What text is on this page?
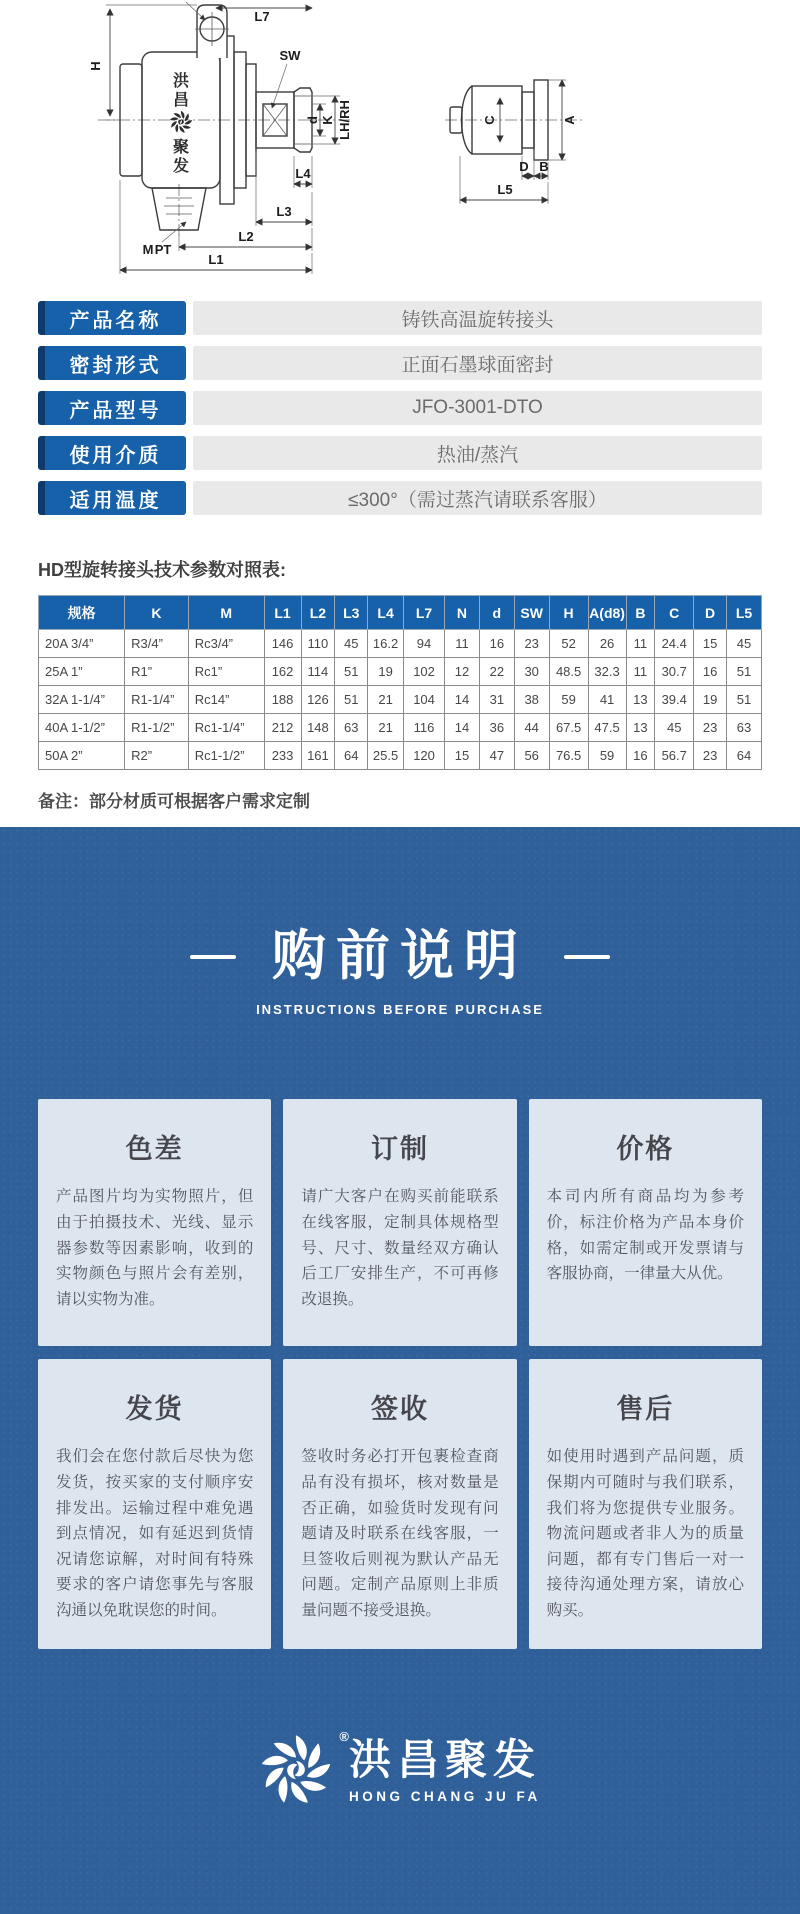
洪
昌
聚
发
H
L7
SW
d K LH/RH
L4
L3
L2
L1
M PT
C	A
D B
L5
产品名称	铸铁高温旋转接头
密封形式	正面石墨球面密封
产品型号	JFO-3001-DTO
使用介质	热油/蒸汽
适用温度	≤300°（需过蒸汽请联系客服）
HD型旋转接头技术参数对照表:
规格	K	M	L1	L2	L3	L4	L7	N	d	SW	H	A(d8)	B	C	D	L5
20A 3/4”	R3/4”	Rc3/4”	146	110	45	16.2	94	11	16	23	52	26	11	24.4	15	45
25A 1”	R1”	Rc1”	162	114	51	19	102	12	22	30	48.5	32.3	11	30.7	16	51
32A 1-1/4”	R1-1/4”	Rc14”	188	126	51	21	104	14	31	38	59	41	13	39.4	19	51
40A 1-1/2”	R1-1/2”	Rc1-1/4”	212	148	63	21	116	14	36	44	67.5	47.5	13	45	23	63
50A 2”	R2”	Rc1-1/2”	233	161	64	25.5	120	15	47	56	76.5	59	16	56.7	23	64
备注：部分材质可根据客户需求定制
购前说明
INSTRUCTIONS BEFORE PURCHASE
色差
产品图片均为实物照片，但由于拍摄技术、光线、显示器参数等因素影响，收到的实物颜色与照片会有差别，请以实物为准。
订制
请广大客户在购买前能联系在线客服，定制具体规格型号、尺寸、数量经双方确认后工厂安排生产，不可再修改退换。
价格
本司内所有商品均为参考价，标注价格为产品本身价格，如需定制或开发票请与客服协商，一律量大从优。
发货
我们会在您付款后尽快为您发货，按买家的支付顺序安排发出。运输过程中难免遇到点情况，如有延迟到货情况请您谅解，对时间有特殊要求的客户请您事先与客服沟通以免耽误您的时间。
签收
签收时务必打开包裹检查商品有没有损坏，核对数量是否正确，如验货时发现有问题请及时联系在线客服，一旦签收后则视为默认产品无问题。定制产品原则上非质量问题不接受退换。
售后
如使用时遇到产品问题，质保期内可随时与我们联系，我们将为您提供专业服务。物流问题或者非人为的质量问题，都有专门售后一对一接待沟通处理方案，请放心购买。
® 洪昌聚发
HONG CHANG JU FA
